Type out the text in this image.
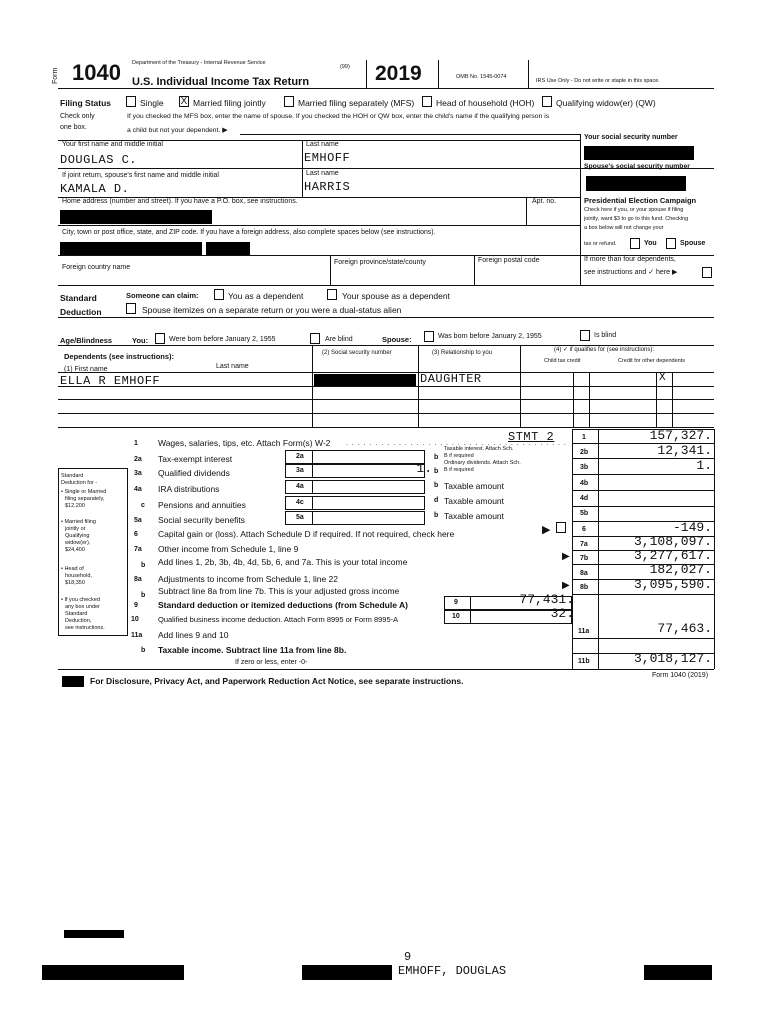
Form 1040 Department of the Treasury - Internal Revenue Service
(99)
U.S. Individual Income Tax Return	2019	OMB No. 1545-0074
IRS Use Only - Do not write or staple in this space.
Filing Status
Check only
one box.
Single X Married filing jointly	Married filing separately (MFS)	Head of household (HOH)	Qualifying widow(er) (QW)
If you checked the MFS box, enter the name of spouse. If you checked the HOH or QW box, enter the child's name if the qualifying person is
a child but not your dependent. ▶
Your first name and middle initial
DOUGLAS C.
Last name
EMHOFF
Your social security number
If joint return, spouse's first name and middle initial
KAMALA D.
Last name
HARRIS
Spouse's social security number
Home address (number and street). If you have a P.O. box, see instructions.	Apt. no.	Presidential Election Campaign
Check here if you, or your spouse if filing
jointly, want $3 to go to this fund. Checking
a box below will not change your
tax or refund.	You	Spouse
City, town or post office, state, and ZIP code. If you have a foreign address, also complete spaces below (see instructions).
Foreign country name
Foreign province/state/county	Foreign postal code	If more than four dependents,
see instructions and ✓ here ▶
Standard
Deduction
Someone can claim:	You as a dependent	Your spouse as a dependent
Spouse itemizes on a separate return or you were a dual-status alien
Age/Blindness	You:	Were born before January 2, 1955	Are blind	Spouse:	Was born before January 2, 1955	Is blind
Dependents (see instructions):
(1) First name	Last name
(2) Social security number	(3) Relationship to you	(4) ✓ if qualifies for (see instructions):
Child tax credit	Credit for other dependents
ELLA R EMHOFF	DAUGHTER	X
Standard
Deduction for -
• Single or Married
filing separately,
$12,200
• Married filing
jointly or
Qualifying
widow(er),
$24,400
• Head of
household,
$18,350
• If you checked
any box under
Standard
Deduction,
see instructions.
1 Wages, salaries, tips, etc. Attach Form(s) W-2 . . . . . . . . . . . . . . . . . . . . . . . . . . . . . . . . . . . . . .
STMT 2	1	157,327.
2a Tax-exempt interest	2a	b
Taxable interest. Attach Sch.
B if required	2b	12,341.
3a Qualified dividends	3a	1. b
Ordinary dividends. Attach Sch.
B if required	3b	1.
4a IRA distributions	4a	b Taxable amount	4b
c Pensions and annuities	4c	d Taxable amount	4d
5a Social security benefits	5a	b Taxable amount	5b
6 Capital gain or (loss). Attach Schedule D if required. If not required, check here	▶	6	-149.
7a Other income from Schedule 1, line 9	7a	3,108,097.
b Add lines 1, 2b, 3b, 4b, 4d, 5b, 6, and 7a. This is your total income	▶ 7b	3,277,617.
8a Adjustments to income from Schedule 1, line 22
8a	182,027.
b Subtract line 8a from line 7b. This is your adjusted gross income	▶ 8b	3,095,590.
9 Standard deduction or itemized deductions (from Schedule A)	9	77,431.
10	Qualified business income deduction. Attach Form 8995 or Form 8995-A	10	32.
11a Add lines 9 and 10	11a	77,463.
b Taxable income. Subtract line 11a from line 8b.
If zero or less, enter -0-	11b	3,018,127.
For Disclosure, Privacy Act, and Paperwork Reduction Act Notice, see separate instructions.
Form 1040 (2019)
9
EMHOFF, DOUGLAS
